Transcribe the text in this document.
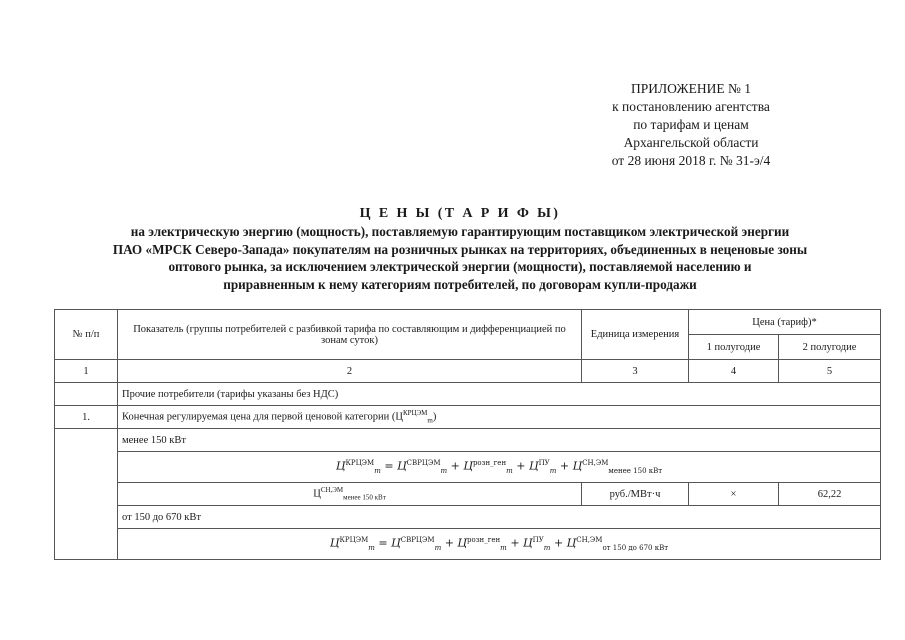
ПРИЛОЖЕНИЕ № 1
к постановлению агентства
по тарифам и ценам
Архангельской области
от 28 июня 2018 г. № 31-э/4
Ц Е Н Ы (Т А Р И Ф Ы)
на электрическую энергию (мощность), поставляемую гарантирующим поставщиком электрической энергии
ПАО «МРСК Северо-Запада» покупателям на розничных рынках на территориях, объединенных в неценовые зоны
оптового рынка, за исключением электрической энергии (мощности), поставляемой населению и
приравненным к нему категориям потребителей, по договорам купли-продажи
№ п/п	Показатель (группы потребителей с разбивкой тарифа по составляющим и дифференциацией по зонам суток)	Единица измерения	Цена (тариф)*	
			1 полугодие	2 полугодие
1	2	3	4	5
	Прочие потребители (тарифы указаны без НДС)			
1.	Конечная регулируемая цена для первой ценовой категории $(Ц^{КРЦЭМ}_m)$			
	менее 150 кВт			
	$Ц^{КРЦЭМ}_m = Ц^{СВРЦЭМ}_m + Ц^{розн\_ген}_m + Ц^{ПУ}_m + Ц^{СН,ЭМ}_{менее 150 кВт}$
	$Ц^{СН,ЭМ}_{менее 150 кВт}$	руб./МВт·ч	×	62,22
	от 150 до 670 кВт			
	$Ц^{КРЦЭМ}_m = Ц^{СВРЦЭМ}_m + Ц^{розн\_ген}_m + Ц^{ПУ}_m + Ц^{СН,ЭМ}_{от 150 до 670 кВт}$
